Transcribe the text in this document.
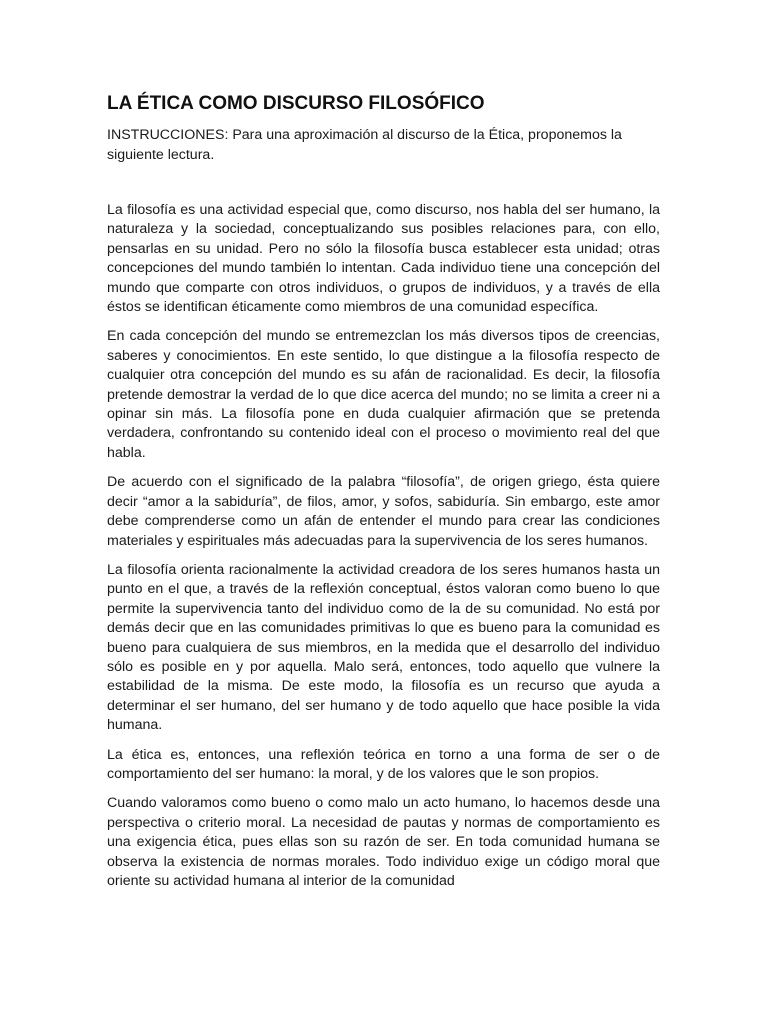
LA ÉTICA COMO DISCURSO FILOSÓFICO

INSTRUCCIONES: Para una aproximación al discurso de la Ética, proponemos la siguiente lectura.

La filosofía es una actividad especial que, como discurso, nos habla del ser humano, la naturaleza y la sociedad, conceptualizando sus posibles relaciones para, con ello, pensarlas en su unidad. Pero no sólo la filosofía busca establecer esta unidad; otras concepciones del mundo también lo intentan. Cada individuo tiene una concepción del mundo que comparte con otros individuos, o grupos de individuos, y a través de ella éstos se identifican éticamente como miembros de una comunidad específica.

En cada concepción del mundo se entremezclan los más diversos tipos de creencias, saberes y conocimientos. En este sentido, lo que distingue a la filosofía respecto de cualquier otra concepción del mundo es su afán de racionalidad. Es decir, la filosofía pretende demostrar la verdad de lo que dice acerca del mundo; no se limita a creer ni a opinar sin más. La filosofía pone en duda cualquier afirmación que se pretenda verdadera, confrontando su contenido ideal con el proceso o movimiento real del que habla.

De acuerdo con el significado de la palabra “filosofía”, de origen griego, ésta quiere decir “amor a la sabiduría”, de filos, amor, y sofos, sabiduría. Sin embargo, este amor debe comprenderse como un afán de entender el mundo para crear las condiciones materiales y espirituales más adecuadas para la supervivencia de los seres humanos.

La filosofía orienta racionalmente la actividad creadora de los seres humanos hasta un punto en el que, a través de la reflexión conceptual, éstos valoran como bueno lo que permite la supervivencia tanto del individuo como de la de su comunidad. No está por demás decir que en las comunidades primitivas lo que es bueno para la comunidad es bueno para cualquiera de sus miembros, en la medida que el desarrollo del individuo sólo es posible en y por aquella. Malo será, entonces, todo aquello que vulnere la estabilidad de la misma. De este modo, la filosofía es un recurso que ayuda a determinar el ser humano, del ser humano y de todo aquello que hace posible la vida humana.

La ética es, entonces, una reflexión teórica en torno a una forma de ser o de comportamiento del ser humano: la moral, y de los valores que le son propios.

Cuando valoramos como bueno o como malo un acto humano, lo hacemos desde una perspectiva o criterio moral. La necesidad de pautas y normas de comportamiento es una exigencia ética, pues ellas son su razón de ser. En toda comunidad humana se observa la existencia de normas morales. Todo individuo exige un código moral que oriente su actividad humana al interior de la comunidad
